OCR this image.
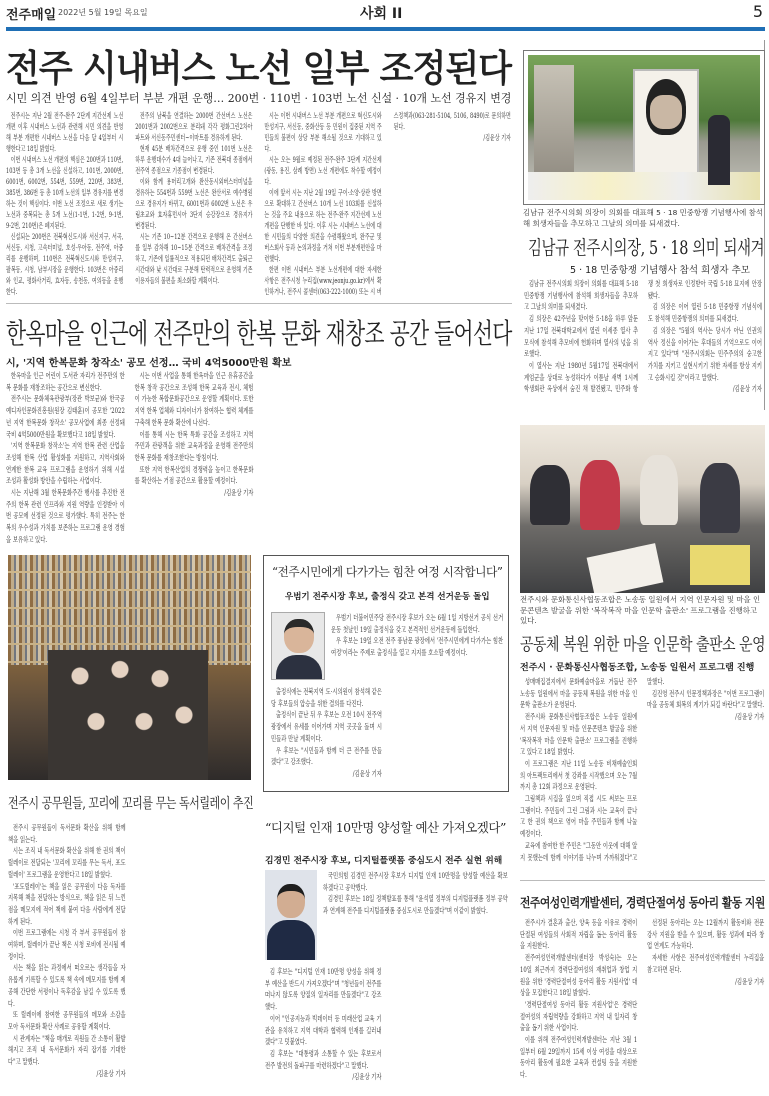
전주매일 2022년 5월 19일 목요일	사회 II	5
전주 시내버스 노선 일부 조정된다
시민 의견 반영 6월 4일부터 부분 개편 운행… 200번 · 110번 · 103번 노선 신설 · 10개 노선 경유지 변경

전주시는 지난 2월 전주-완주 2단계 지간선제 노선 개편 이후 시내버스 노선과 관련해 시민 의견을 반영해 부분 개편한 시내버스 노선을 다음 달 4일부터 시행한다고 18일 밝혔다.

이번 시내버스 노선 개편의 핵심은 200번과 110번, 103번 등 총 3개 노선을 신설하고, 101번, 2000번, 6001번, 6002번, 554번, 559번, 220번, 383번, 385번, 386번 등 총 10개 노선의 일부 경유지를 변경하는 것이 핵심이다. 이번 노선 조정으로 새로 생기는 노선과 중복되는 총 5개 노선(1-1번, 1-2번, 9-1번, 9-2번, 210번)은 폐지된다.

신설되는 200번은 전북혁신도시와 서신지구, 서곡, 서신동, 시청, 고속터미널, 호성·우아동, 전주역, 아중리를 운행하며, 110번은 전북혁신도시와 만성지구, 팔복동, 시청, 남부시장을 운행한다. 103번은 아중리와 인교, 평화사거리, 효자동, 송천동, 여의동을 운행한다.

전주의 남북을 연결하는 2000번 간선버스 노선은 2001번과 2002번으로 분리돼 각각 평화그린2차아파트와 서신동주민센터~이마트를 경유하게 된다.

현재 45분 배차간격으로 운행 중인 101번 노선은 하루 운행대수가 4대 늘어나고, 기존 전북대 종점에서 전주역 종점으로 기종점이 변경된다.

이와 함께 용머리고개와 완산동시외버스터미널을 경유하는 554번과 559번 노선은 완산서로 예수병원으로 경유지가 바뀌고, 6001번과 6002번 노선은 우림초교와 효자휴먼시아 3단지 승강장으로 경유지가 변경된다.

시는 기존 10~12분 간격으로 운행해 온 간선버스를 일부 감차해 10~15분 간격으로 배차간격을 조정하고, 기존에 일률적으로 적용되던 배차간격도 출퇴근 시간대와 낮 시간대로 구분해 탄력적으로 운영해 기존 이용자들의 불편을 최소화할 계획이다.

시는 이번 시내버스 노선 부분 개편으로 혁신도시와 만성지구, 서신동, 중화산동 등 민원이 집중된 지역 주민들의 불편이 상당 부분 해소될 것으로 기대하고 있다.

시는 오는 9월로 예정된 전주-완주 3단계 지간선제(광동, 용진, 삼례 방면) 노선 개편에도 착수할 예정이다.

이에 앞서 시는 지난 2월 19일 구이·소양·상관 방면으로 확대하고 간선버스 10개 노선 103회를 신설하는 것을 주요 내용으로 하는 전주-완주 지간선제 노선 개편을 단행한 바 있다. 이후 시는 시내버스 노선에 대한 시민들의 다양한 의견을 수렴해왔으며, 완주군 및 버스회사 등과 논의과정을 거쳐 이번 부분개편안을 마련했다.

한편 이번 시내버스 부분 노선개편에 대한 자세한 사항은 전주시청 누리집(www.jeonju.go.kr)에서 확인하거나, 전주시 콜센터(063-222-1000) 또는 시 버스정책과(063-281-5104, 5106, 8490)로 문의하면 된다.

/김윤상 기자
김남규 전주시의회 의장이 의회를 대표해 5 · 18 민중항쟁 기념행사에 참석해 희생자들을 추모하고 그날의 의미를 되새겼다.
김남규 전주시의장, 5 · 18 의미 되새겨
5 · 18 민중항쟁 기념행사 참석 희생자 추모

김남규 전주시의회 의장이 의회를 대표해 5·18 민중항쟁 기념행사에 참석해 희생자들을 추모하고 그날의 의미를 되새겼다.

김 의장은 42주년을 맞이한 5·18을 하루 앞둔 지난 17일 전북대학교에서 열린 이세종 열사 추모식에 참석해 추모비에 헌화하며 열사의 넋을 위로했다.

이 열사는 지난 1980년 5월17일 전북대에서 계엄군을 상대로 농성하다가 이튿날 새벽 1시께 학생회관 옥상에서 숨진 채 발견됐고, 민주화 항쟁 첫 희생자로 인정받아 국립 5·18 묘지에 안장됐다.

김 의장은 이어 열린 5·18 민중항쟁 기념식에도 참석해 민중항쟁의 의미를 되새겼다.

김 의장은 "5월의 역사는 당시가 아닌 인권의 역사 정신을 이어가는 후대들의 기억으로도 이어지고 있다"며 "전주시의회는 민주주의의 숭고한 가치를 지키고 실현시키기 위한 자세를 항상 지키고 승화시킬 것"이라고 말했다.

/김윤상 기자
한옥마을 인근에 전주만의 한복 문화 재창조 공간 들어선다
시, '지역 한복문화 창작소' 공모 선정… 국비 4억5000만원 확보

한옥마을 인근 어린이 도서관 자리가 전주만의 한복 문화를 재창조하는 공간으로 변신한다.

전주시는 문화체육관광부(장관 박보균)와 한국공예디자인문화진흥원(원장 김태훈)이 공모한 '2022년 지역 한복문화 창작소' 공모사업에 최종 선정돼 국비 4억5000만원을 확보했다고 18일 밝혔다.

'지역 한복문화 창작소'는 지역 한복 관련 산업을 조성해 한복 산업 활성화를 지원하고, 지역사회와 연계한 한복 교육 프로그램을 운영하기 위해 시설 조성과 활성화 방안을 수립하는 사업이다.

시는 지난해 3월 한복문화주간 행사를 추진한 전주의 한복 관련 인프라와 지원 역량을 인정받아 이번 공모에 선정된 것으로 평가했다. 특히 전주는 한복의 우수성과 가치를 보존하는 프로그램 운영 경험을 보유하고 있다.

시는 이번 사업을 통해 한옥마을 인근 유휴공간을 한복 창작 공간으로 조성해 한복 교육과 전시, 체험이 가능한 복합문화공간으로 운영할 계획이다. 또한 지역 한복 업체와 디자이너가 참여하는 협력 체계를 구축해 한복 문화 확산에 나선다.

이를 통해 시는 한복 특화 공간을 조성하고 지역 주민과 관광객을 위한 교육과정을 운영해 전주만의 한복 문화를 재창조한다는 방침이다.

또한 지역 한복산업의 경쟁력을 높이고 한복문화를 확산하는 거점 공간으로 활용할 예정이다.

/김윤상 기자
전주시와 문화통신사협동조합은 노송동 일원에서 지역 인문자원 및 마을 인문콘텐츠 발굴을 위한 '복작복작 마을 인문학 출판소' 프로그램을 진행하고 있다.
공동체 복원 위한 마을 인문학 출판소 운영
전주시 · 문화통신사협동조합, 노송동 일원서 프로그램 진행

성매매집결지에서 문화예술마을로 거듭난 전주 노송동 일원에서 마을 공동체 복원을 위한 마을 인문학 출판소가 운영된다.

전주시와 문화통신사협동조합은 노송동 일원에서 지역 인문자원 및 마을 인문콘텐츠 발굴을 위한 '복작복작 마을 인문학 출판소' 프로그램을 진행하고 있다고 18일 밝혔다.

이 프로그램은 지난 11일 노송동 비채예술인회의 아트팩토리에서 첫 강좌를 시작했으며 오는 7월까지 총 12회 과정으로 운영된다.

그림책과 시집을 읽으며 직접 시도 써보는 프로그램이다. 주민들이 그린 그림과 시는 교육이 끝나고 한 권의 책으로 엮어 마을 주민들과 함께 나눌 예정이다.

교육에 참여한 한 주민은 "그동안 이웃에 대해 알지 못했는데 함께 이야기를 나누며 가까워졌다"고 말했다.

김진영 전주시 인문정책과장은 "이번 프로그램이 마을 공동체 회복의 계기가 되길 바란다"고 말했다.

/김윤상 기자
전주여성인력개발센터, 경력단절여성 동아리 활동 지원

전주시가 결혼과 출산, 양육 등을 이유로 경력이 단절된 여성들의 사회적 자립을 돕는 동아리 활동을 지원한다.

전주여성인력개발센터(센터장 박성숙)는 오는 10일 최근까지 경력단절여성의 재취업과 창업 지원을 위한 '경력단절여성 동아리 활동 지원사업' 대상을 모집한다고 18일 밝혔다.

'경력단절여성 동아리 활동 지원사업'은 경력단절여성의 자립역량을 강화하고 지역 내 일자리 창출을 돕기 위한 사업이다.

이를 위해 전주여성인력개발센터는 지난 3월 1일부터 6월 29일까지 15세 이상 여성을 대상으로 동아리 활동에 필요한 교육과 컨설팅 등을 지원한다.

선정된 동아리는 오는 12월까지 활동비와 전문 강사 지원을 받을 수 있으며, 활동 성과에 따라 창업 연계도 가능하다.

자세한 사항은 전주여성인력개발센터 누리집을 참고하면 된다.

/김윤상 기자
전주시 공무원들, 꼬리에 꼬리를 무는 독서릴레이 추진

전주시 공무원들이 독서문화 확산을 위해 함께 책을 읽는다.

시는 조직 내 독서문화 확산을 위해 한 권의 책이 릴레이로 전달되는 '꼬리에 꼬리를 무는 독서, 포도릴레이' 프로그램을 운영한다고 18일 밝혔다.

'포도릴레이'는 책을 읽은 공무원이 다음 독자를 지목해 책을 전달하는 방식으로, 책을 읽은 뒤 느낀 점을 메모지에 적어 책에 붙여 다음 사람에게 전달하게 된다.

이번 프로그램에는 시청 각 부서 공무원들이 참여하며, 릴레이가 끝난 책은 시청 로비에 전시될 예정이다.

시는 책을 읽는 과정에서 떠오르는 생각들을 자유롭게 기록할 수 있도록 책 속에 메모지를 함께 제공해 간단한 서평이나 독후감을 남길 수 있도록 했다.

또 릴레이에 참여한 공무원들의 메모와 소감을 모아 독서문화 확산 사례로 공유할 계획이다.

시 관계자는 "책을 매개로 직원들 간 소통이 활발해지고 조직 내 독서문화가 자리 잡기를 기대한다"고 말했다.

/김윤상 기자
“전주시민에게 다가가는 힘찬 여정 시작합니다”
우범기 전주시장 후보, 출정식 갖고 본격 선거운동 돌입

우범기 더불어민주당 전주시장 후보가 오는 6월 1일 지방선거 공식 선거운동 첫날인 19일 출정식을 갖고 본격적인 선거운동에 돌입한다.

우 후보는 19일 오전 전주 풍남문 광장에서 '전주시민에게 다가가는 힘찬 여정'이라는 주제로 출정식을 열고 지지를 호소할 예정이다.

출정식에는 전북지역 도·시의원이 참석해 같은 당 후보들의 압승을 위한 결의를 다진다.

출정식이 끝난 뒤 우 후보는 오전 10시 전주역 광장에서 유세를 이어가며 지역 곳곳을 돌며 시민들과 만날 계획이다.

우 후보는 "시민들과 함께 더 큰 전주를 만들겠다"고 강조했다.

/김윤상 기자
“디지털 인재 10만명 양성할 예산 가져오겠다”
김경민 전주시장 후보, 디지털플랫폼 중심도시 전주 실현 위해

국민의힘 김경민 전주시장 후보가 디지털 인재 10만명을 양성할 예산을 확보하겠다고 공약했다.

김경민 후보는 18일 정책발표를 통해 "윤석열 정부의 디지털플랫폼 정부 공약과 연계해 전주를 디지털플랫폼 중심도시로 만들겠다"며 이같이 밝혔다.

김 후보는 "디지털 인재 10만명 양성을 위해 정부 예산을 반드시 가져오겠다"며 "청년들이 전주를 떠나지 않도록 양질의 일자리를 만들겠다"고 강조했다.

이어 "인공지능과 빅데이터 등 미래산업 교육 기관을 유치하고 지역 대학과 협력해 인재를 길러내겠다"고 덧붙였다.

김 후보는 "대통령과 소통할 수 있는 후보로서 전주 발전의 돌파구를 마련하겠다"고 말했다.

/김윤상 기자
